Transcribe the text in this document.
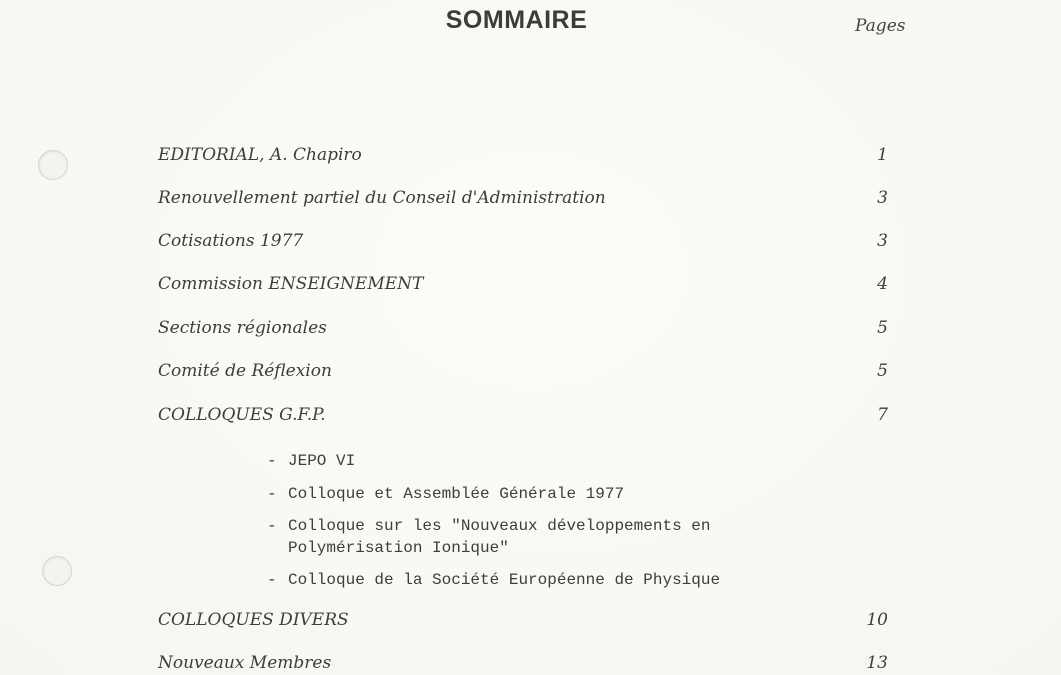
SOMMAIRE	Pages
EDITORIAL, A. Chapiro	1
Renouvellement partiel du Conseil d'Administration	3
Cotisations 1977	3
Commission ENSEIGNEMENT	4
Sections régionales	5
Comité de Réflexion	5
COLLOQUES G.F.P.	7
- JEPO VI
- Colloque et Assemblée Générale 1977
- Colloque sur les "Nouveaux développements en
Polymérisation Ionique"
- Colloque de la Société Européenne de Physique
COLLOQUES DIVERS	10
Nouveaux Membres	13
